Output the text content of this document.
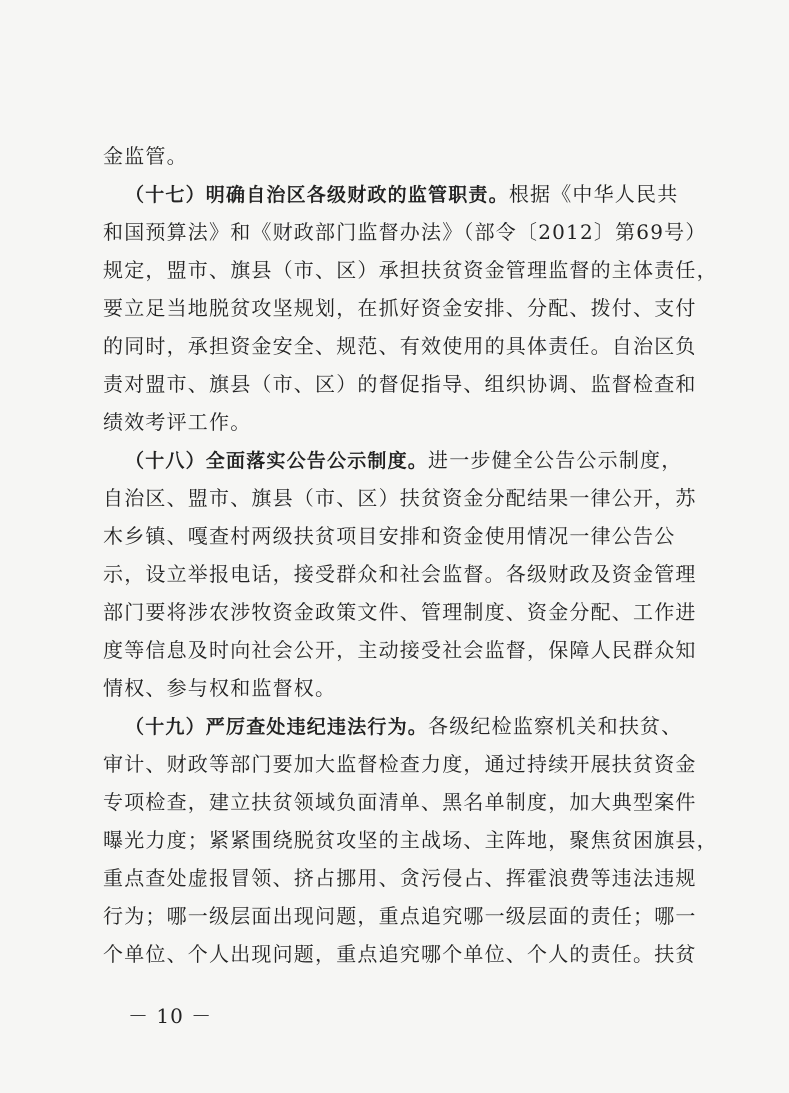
金监管。
（十七）明确自治区各级财政的监管职责。根据《中华人民共
和国预算法》和《财政部门监督办法》（部令〔2012〕第69号）
规定，盟市、旗县（市、区）承担扶贫资金管理监督的主体责任，
要立足当地脱贫攻坚规划，在抓好资金安排、分配、拨付、支付
的同时，承担资金安全、规范、有效使用的具体责任。自治区负
责对盟市、旗县（市、区）的督促指导、组织协调、监督检查和
绩效考评工作。
（十八）全面落实公告公示制度。进一步健全公告公示制度，
自治区、盟市、旗县（市、区）扶贫资金分配结果一律公开，苏
木乡镇、嘎查村两级扶贫项目安排和资金使用情况一律公告公
示，设立举报电话，接受群众和社会监督。各级财政及资金管理
部门要将涉农涉牧资金政策文件、管理制度、资金分配、工作进
度等信息及时向社会公开，主动接受社会监督，保障人民群众知
情权、参与权和监督权。
（十九）严厉查处违纪违法行为。各级纪检监察机关和扶贫、
审计、财政等部门要加大监督检查力度，通过持续开展扶贫资金
专项检查，建立扶贫领域负面清单、黑名单制度，加大典型案件
曝光力度；紧紧围绕脱贫攻坚的主战场、主阵地，聚焦贫困旗县，
重点查处虚报冒领、挤占挪用、贪污侵占、挥霍浪费等违法违规
行为；哪一级层面出现问题，重点追究哪一级层面的责任；哪一
个单位、个人出现问题，重点追究哪个单位、个人的责任。扶贫
－ 10 －
